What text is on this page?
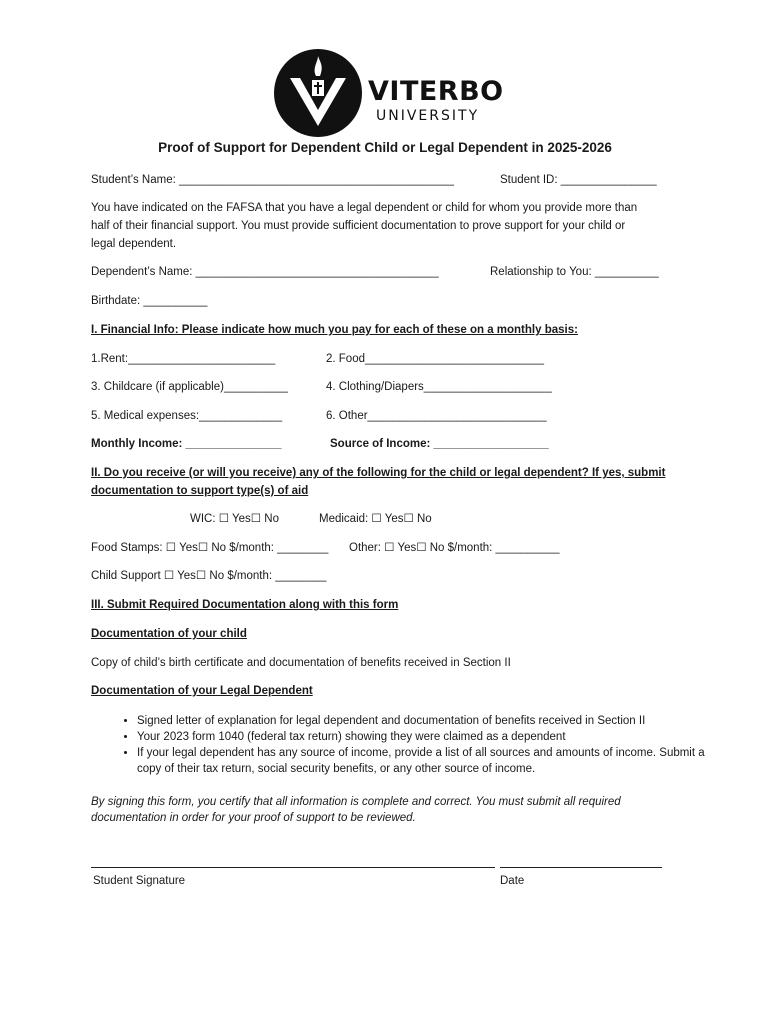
VITERBO
UNIVERSITY
Proof of Support for Dependent Child or Legal Dependent in 2025-2026
Student’s Name: ___________________________________________	Student ID: _______________
You have indicated on the FAFSA that you have a legal dependent or child for whom you provide more than
half of their financial support. You must provide sufficient documentation to prove support for your child or
legal dependent.
Dependent’s Name: ______________________________________	Relationship to You: __________
Birthdate: __________
I. Financial Info: Please indicate how much you pay for each of these on a monthly basis:
1.Rent:_______________________	2. Food____________________________
3. Childcare (if applicable)__________	4. Clothing/Diapers____________________
5. Medical expenses:_____________	6. Other____________________________
Monthly Income: _______________	Source of Income: __________________
II. Do you receive (or will you receive) any of the following for the child or legal dependent? If yes, submit
documentation to support type(s) of aid
WIC: ☐ Yes☐ No	Medicaid: ☐ Yes☐ No
Food Stamps: ☐ Yes☐ No $/month: ________ Other: ☐ Yes☐ No $/month: __________
Child Support ☐ Yes☐ No $/month: ________
III. Submit Required Documentation along with this form
Documentation of your child
Copy of child’s birth certificate and documentation of benefits received in Section II
Documentation of your Legal Dependent
• Signed letter of explanation for legal dependent and documentation of benefits received in Section II
• Your 2023 form 1040 (federal tax return) showing they were claimed as a dependent
• If your legal dependent has any source of income, provide a list of all sources and amounts of income. Submit a copy of their tax return, social security benefits, or any other source of income.
By signing this form, you certify that all information is complete and correct. You must submit all required
documentation in order for your proof of support to be reviewed.
Student Signature	Date
